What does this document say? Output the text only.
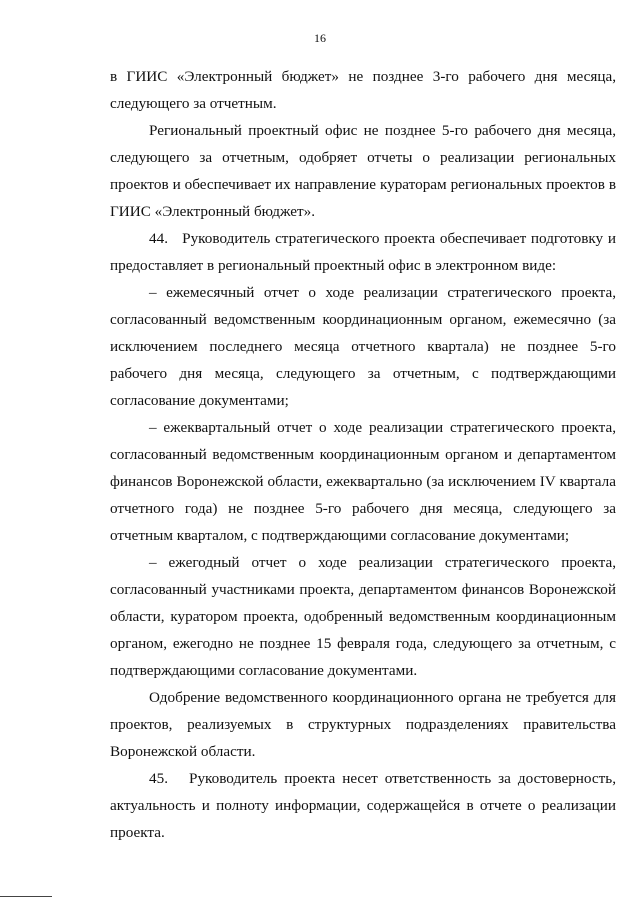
16

в ГИИС «Электронный бюджет» не позднее 3-го рабочего дня месяца, следующего за отчетным.

Региональный проектный офис не позднее 5-го рабочего дня месяца, следующего за отчетным, одобряет отчеты о реализации региональных проектов и обеспечивает их направление кураторам региональных проектов в ГИИС «Электронный бюджет».

44.   Руководитель стратегического проекта обеспечивает подготовку и предоставляет в региональный проектный офис в электронном виде:

– ежемесячный отчет о ходе реализации стратегического проекта, согласованный ведомственным координационным органом, ежемесячно (за исключением последнего месяца отчетного квартала) не позднее 5-го рабочего дня месяца, следующего за отчетным, с подтверждающими согласование документами;

– ежеквартальный отчет о ходе реализации стратегического проекта, согласованный ведомственным координационным органом и департаментом финансов Воронежской области, ежеквартально (за исключением IV квартала отчетного года) не позднее 5-го рабочего дня месяца, следующего за отчетным кварталом, с подтверждающими согласование документами;

– ежегодный отчет о ходе реализации стратегического проекта, согласованный участниками проекта, департаментом финансов Воронежской области, куратором проекта, одобренный ведомственным координационным органом, ежегодно не позднее 15 февраля года, следующего за отчетным, с подтверждающими согласование документами.

Одобрение ведомственного координационного органа не требуется для проектов, реализуемых в структурных подразделениях правительства Воронежской области.

45.   Руководитель проекта несет ответственность за достоверность, актуальность и полноту информации, содержащейся в отчете о реализации проекта.
